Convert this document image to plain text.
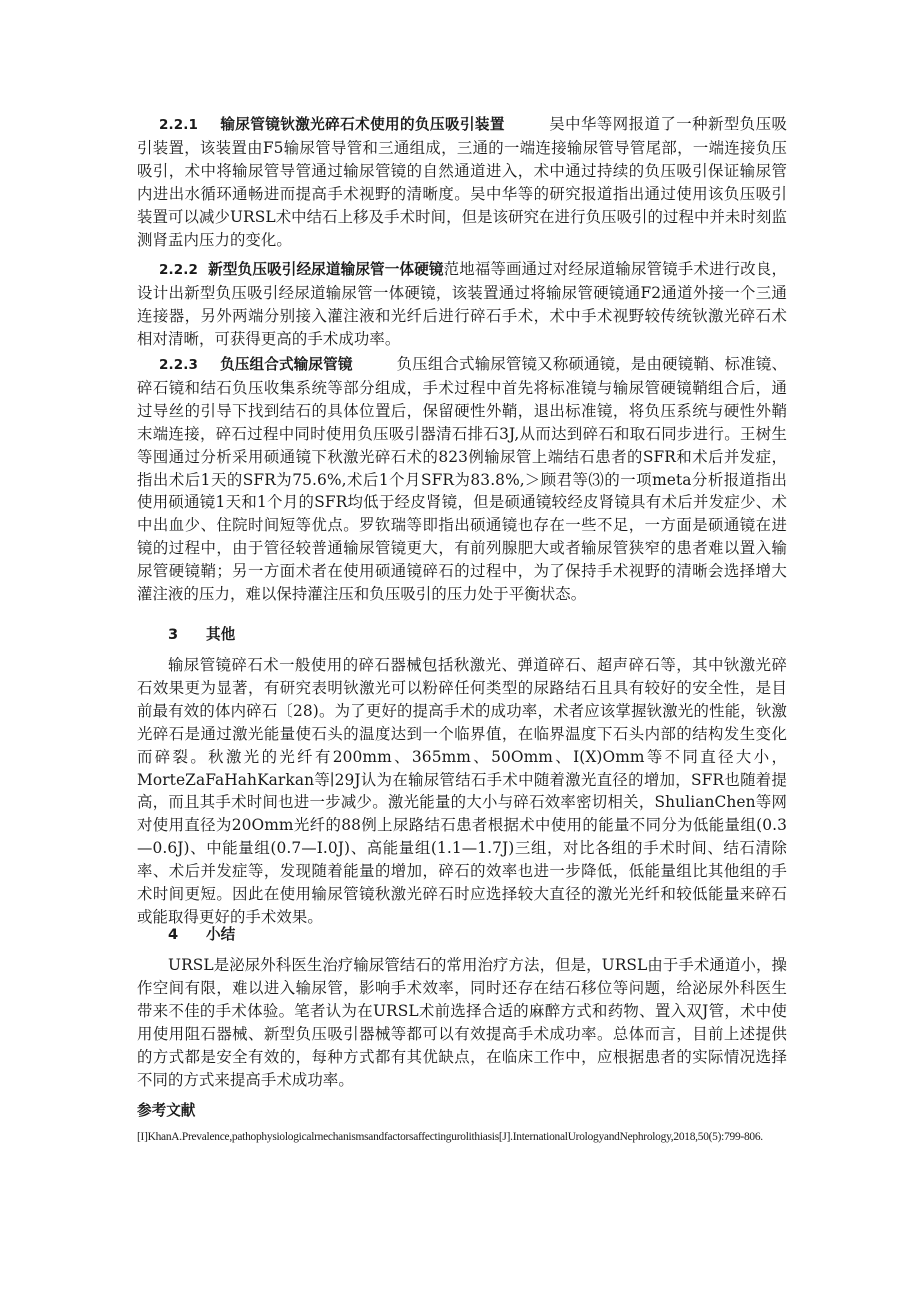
2.2.1 输尿管镜钬激光碎石术使用的负压吸引装置	吴中华等网报道了一种新型负压吸引装置，该装置由F5输尿管导管和三通组成，三通的一端连接输尿管导管尾部，一端连接负压吸引，术中将输尿管导管通过输尿管镜的自然通道进入，术中通过持续的负压吸引保证输尿管内进出水循环通畅进而提高手术视野的清晰度。吴中华等的研究报道指出通过使用该负压吸引装置可以减少URSL术中结石上移及手术时间，但是该研究在进行负压吸引的过程中并未时刻监测肾盂内压力的变化。

2.2.2 新型负压吸引经尿道输尿管一体硬镜范地福等画通过对经尿道输尿管镜手术进行改良，设计出新型负压吸引经尿道输尿管一体硬镜，该装置通过将输尿管硬镜通F2通道外接一个三通连接器，另外两端分别接入灌注液和光纤后进行碎石手术，术中手术视野较传统钬激光碎石术相对清晰，可获得更高的手术成功率。

2.2.3 负压组合式输尿管镜	负压组合式输尿管镜又称硕通镜，是由硬镜鞘、标准镜、碎石镜和结石负压收集系统等部分组成，手术过程中首先将标准镜与输尿管硬镜鞘组合后，通过导丝的引导下找到结石的具体位置后，保留硬性外鞘，退出标准镜，将负压系统与硬性外鞘末端连接，碎石过程中同时使用负压吸引器清石排石3J,从而达到碎石和取石同步进行。王树生等囤通过分析采用硕通镜下秋激光碎石术的823例输尿管上端结石患者的SFR和术后并发症，指出术后1天的SFR为75.6%,术后1个月SFR为83.8%,＞顾君等⑶的一项meta分析报道指出使用硕通镜1天和1个月的SFR均低于经皮肾镜，但是硕通镜较经皮肾镜具有术后并发症少、术中出血少、住院时间短等优点。罗钦瑞等即指出硕通镜也存在一些不足，一方面是硕通镜在进镜的过程中，由于管径较普通输尿管镜更大，有前列腺肥大或者输尿管狭窄的患者难以置入输尿管硬镜鞘；另一方面术者在使用硕通镜碎石的过程中，为了保持手术视野的清晰会选择增大灌注液的压力，难以保持灌注压和负压吸引的压力处于平衡状态。

3 其他

输尿管镜碎石术一般使用的碎石器械包括秋激光、弹道碎石、超声碎石等，其中钬激光碎石效果更为显著，有研究表明钬激光可以粉碎任何类型的尿路结石且具有较好的安全性，是目前最有效的体内碎石〔28)。为了更好的提高手术的成功率，术者应该掌握钬激光的性能，钬激光碎石是通过激光能量使石头的温度达到一个临界值，在临界温度下石头内部的结构发生变化而碎裂。秋激光的光纤有200mm、365mm、50Omm、I(X)Omm等不同直径大小，MorteZaFaHahKarkan等∣29J认为在输尿管结石手术中随着激光直径的增加，SFR也随着提高，而且其手术时间也进一步减少。激光能量的大小与碎石效率密切相关，ShulianChen等网对使用直径为20Omm光纤的88例上尿路结石患者根据术中使用的能量不同分为低能量组(0.3—0.6J)、中能量组(0.7—I.0J)、高能量组(1.1—1.7J)三组，对比各组的手术时间、结石清除率、术后并发症等，发现随着能量的增加，碎石的效率也进一步降低，低能量组比其他组的手术时间更短。因此在使用输尿管镜秋激光碎石时应选择较大直径的激光光纤和较低能量来碎石或能取得更好的手术效果。

4 小结

URSL是泌尿外科医生治疗输尿管结石的常用治疗方法，但是，URSL由于手术通道小，操作空间有限，难以进入输尿管，影响手术效率，同时还存在结石移位等问题，给泌尿外科医生带来不佳的手术体验。笔者认为在URSL术前选择合适的麻醉方式和药物、置入双J管，术中使用使用阻石器械、新型负压吸引器械等都可以有效提高手术成功率。总体而言，目前上述提供的方式都是安全有效的，每种方式都有其优缺点，在临床工作中，应根据患者的实际情况选择不同的方式来提高手术成功率。

参考文献

[I]KhanA.Prevalence,pathophysiologicalrnechanismsandfactorsaffectingurolithiasis[J].InternationalUrologyandNephrology,2018,50(5):799-806.
